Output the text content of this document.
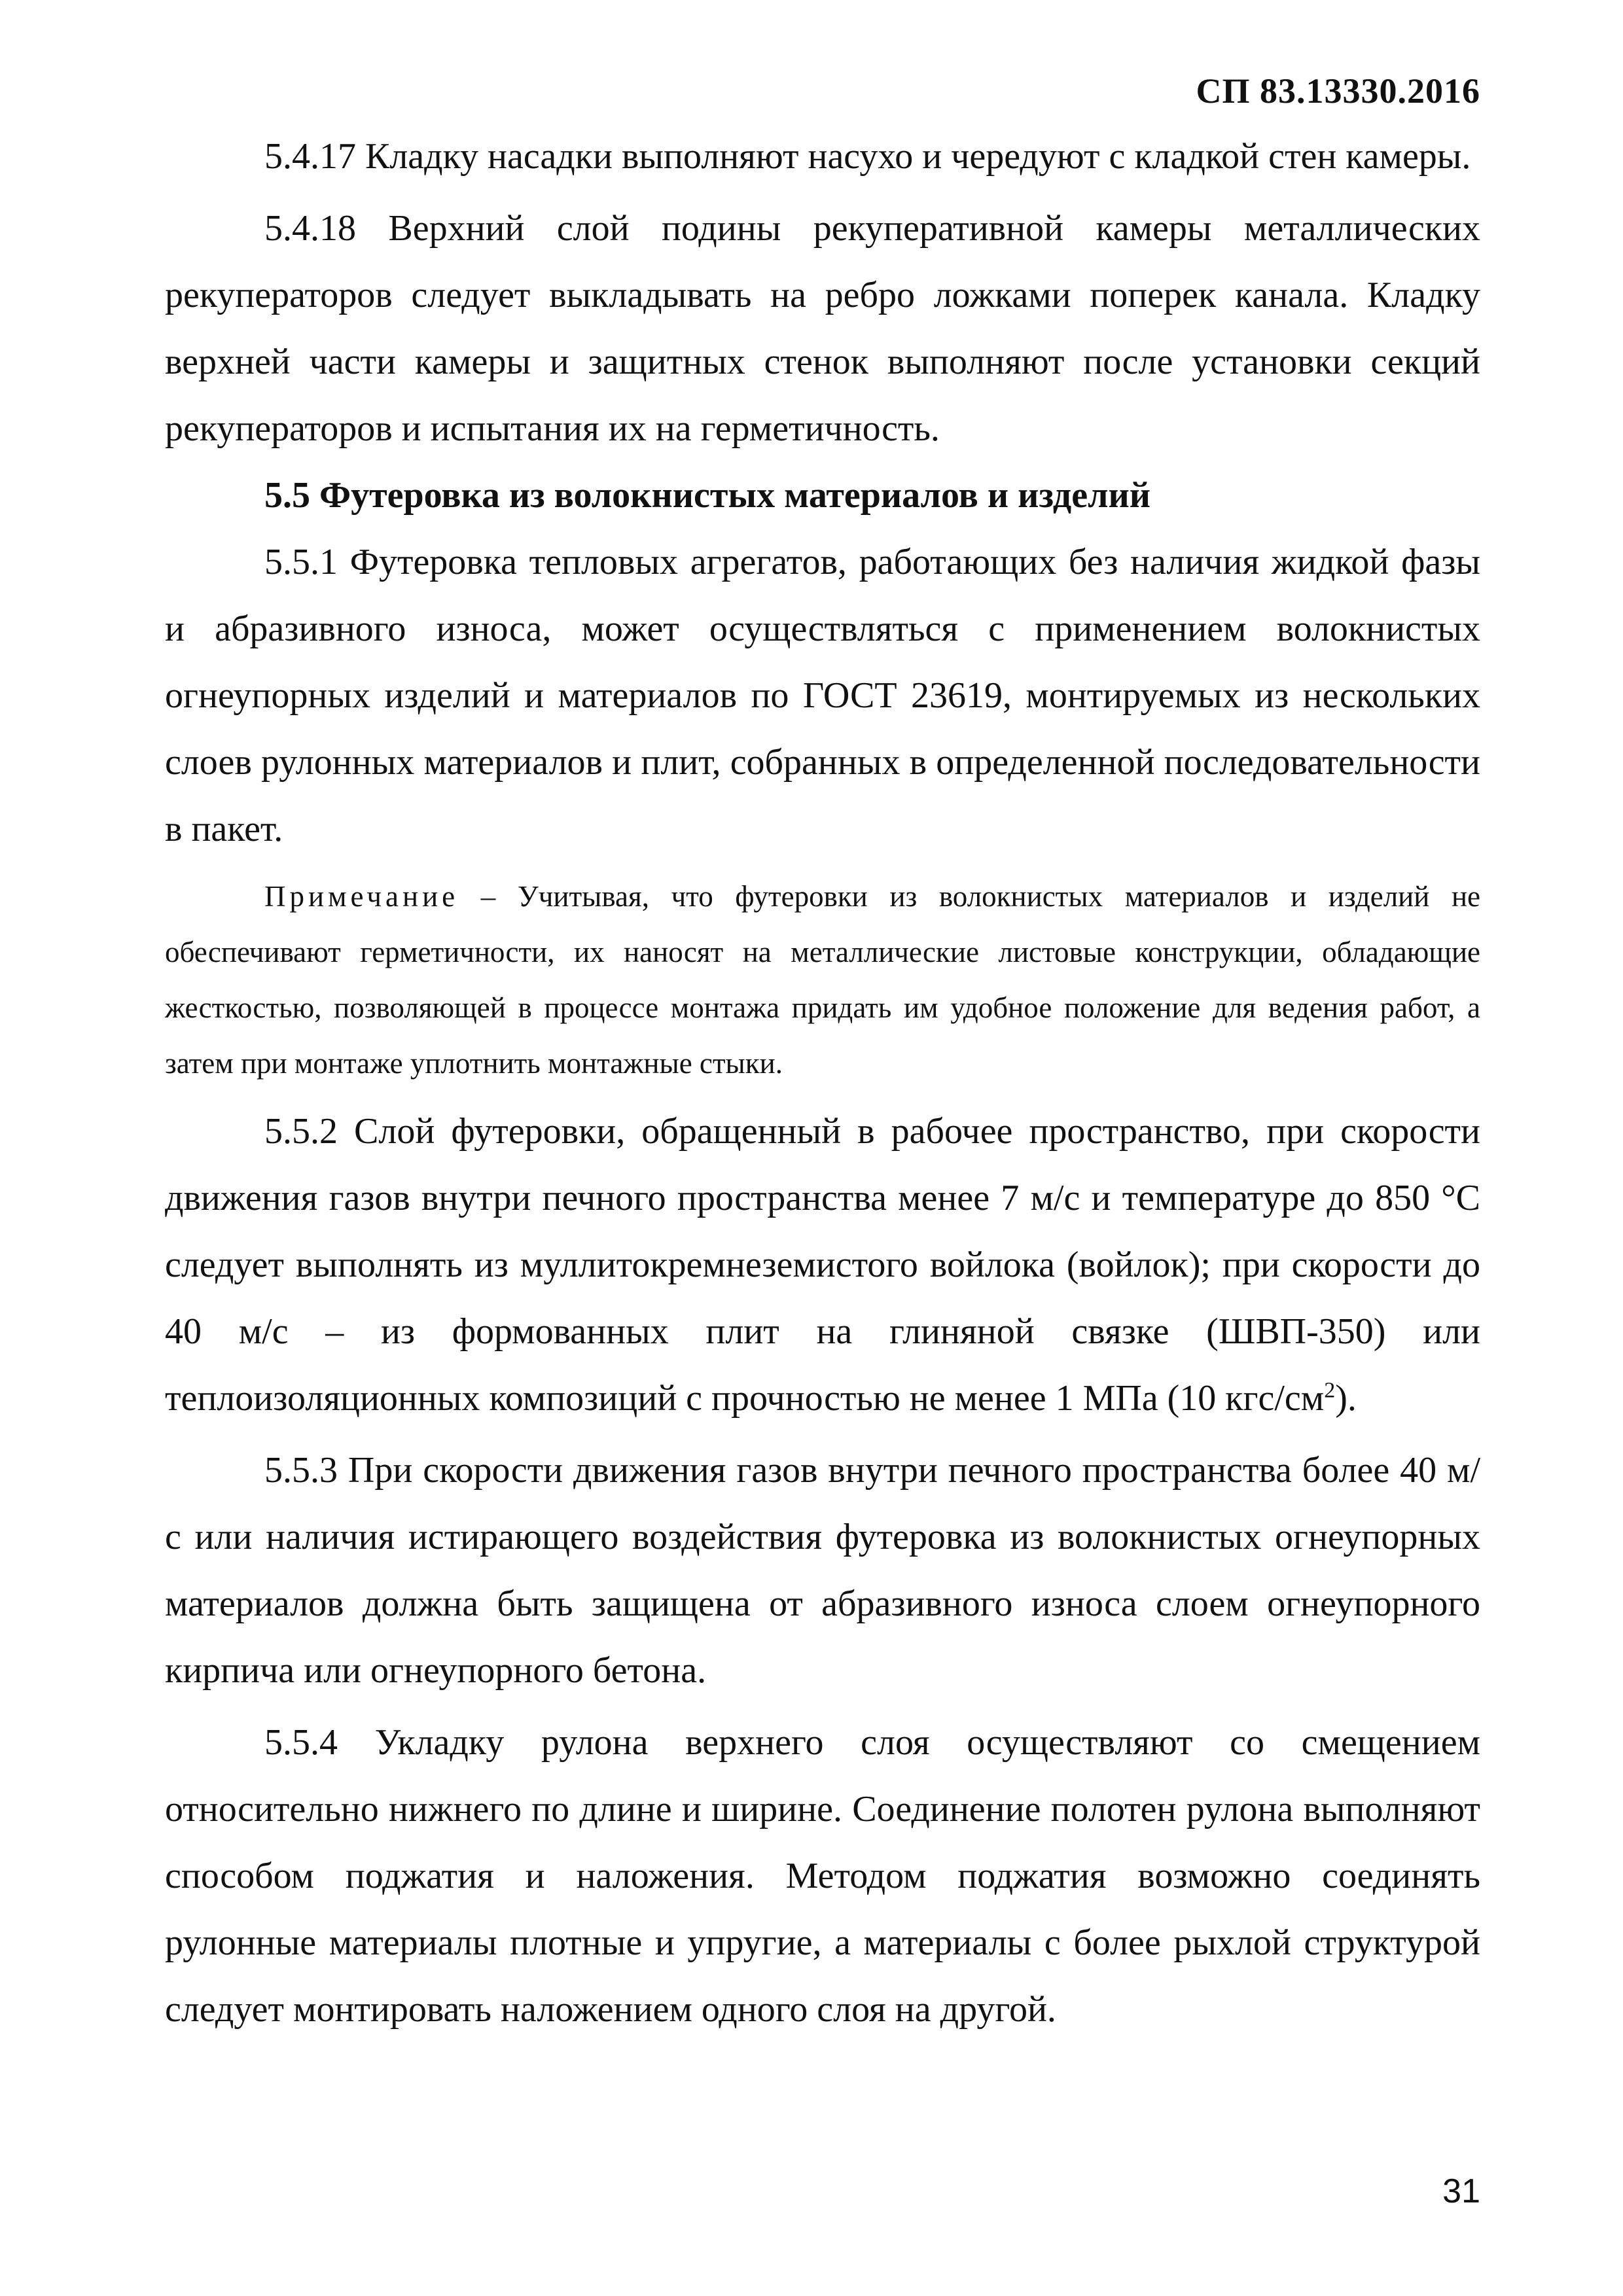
СП 83.13330.2016

5.4.17 Кладку насадки выполняют насухо и чередуют с кладкой стен камеры.

5.4.18 Верхний слой подины рекуперативной камеры металлических рекуператоров следует выкладывать на ребро ложками поперек канала. Кладку верхней части камеры и защитных стенок выполняют после установки секций рекуператоров и испытания их на герметичность.

5.5 Футеровка из волокнистых материалов и изделий

5.5.1 Футеровка тепловых агрегатов, работающих без наличия жидкой фазы и абразивного износа, может осуществляться с применением волокнистых огнеупорных изделий и материалов по ГОСТ 23619, монтируемых из нескольких слоев рулонных материалов и плит, собранных в определенной последовательности в пакет.

Примечание – Учитывая, что футеровки из волокнистых материалов и изделий не обеспечивают герметичности, их наносят на металлические листовые конструкции, обладающие жесткостью, позволяющей в процессе монтажа придать им удобное положение для ведения работ, а затем при монтаже уплотнить монтажные стыки.

5.5.2 Слой футеровки, обращенный в рабочее пространство, при скорости движения газов внутри печного пространства менее 7 м/с и температуре до 850 °С следует выполнять из муллитокремнеземистого войлока (войлок); при скорости до 40 м/с – из формованных плит на глиняной связке (ШВП-350) или теплоизоляционных композиций с прочностью не менее 1 МПа (10 кгс/$см^2$).

5.5.3 При скорости движения газов внутри печного пространства более 40 м/с или наличия истирающего воздействия футеровка из волокнистых огнеупорных материалов должна быть защищена от абразивного износа слоем огнеупорного кирпича или огнеупорного бетона.

5.5.4 Укладку рулона верхнего слоя осуществляют со смещением относительно нижнего по длине и ширине. Соединение полотен рулона выполняют способом поджатия и наложения. Методом поджатия возможно соединять рулонные материалы плотные и упругие, а материалы с более рыхлой структурой следует монтировать наложением одного слоя на другой.

31
